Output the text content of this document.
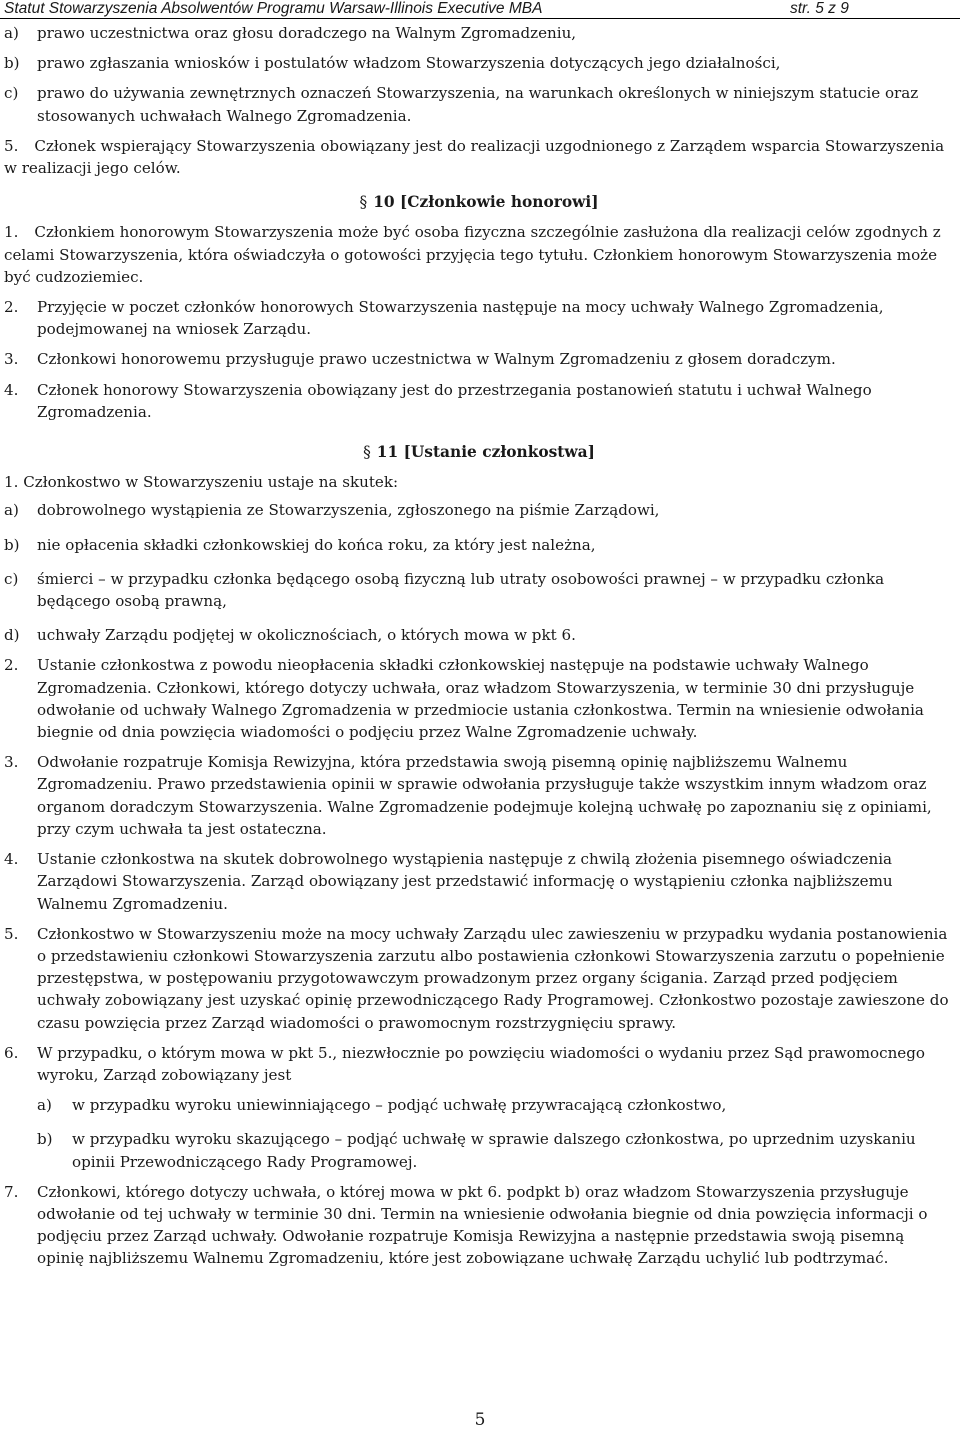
Statut Stowarzyszenia Absolwentów Programu Warsaw-Illinois Executive MBA	str. 5 z 9
a) prawo uczestnictwa oraz głosu doradczego na Walnym Zgromadzeniu,
b) prawo zgłaszania wniosków i postulatów władzom Stowarzyszenia dotyczących jego działalności,
c) prawo do używania zewnętrznych oznaczeń Stowarzyszenia, na warunkach określonych w niniejszym statucie oraz stosowanych uchwałach Walnego Zgromadzenia.
5. Członek wspierający Stowarzyszenia obowiązany jest do realizacji uzgodnionego z Zarządem wsparcia Stowarzyszenia w realizacji jego celów.
§ 10 [Członkowie honorowi]
1. Członkiem honorowym Stowarzyszenia może być osoba fizyczna szczególnie zasłużona dla realizacji celów zgodnych z celami Stowarzyszenia, która oświadczyła o gotowości przyjęcia tego tytułu. Członkiem honorowym Stowarzyszenia może być cudzoziemiec.
2. Przyjęcie w poczet członków honorowych Stowarzyszenia następuje na mocy uchwały Walnego Zgromadzenia, podejmowanej na wniosek Zarządu.
3. Członkowi honorowemu przysługuje prawo uczestnictwa w Walnym Zgromadzeniu z głosem doradczym.
4. Członek honorowy Stowarzyszenia obowiązany jest do przestrzegania postanowień statutu i uchwał Walnego Zgromadzenia.
§ 11 [Ustanie członkostwa]
1. Członkostwo w Stowarzyszeniu ustaje na skutek:
a) dobrowolnego wystąpienia ze Stowarzyszenia, zgłoszonego na piśmie Zarządowi,
b) nie opłacenia składki członkowskiej do końca roku, za który jest należna,
c) śmierci – w przypadku członka będącego osobą fizyczną lub utraty osobowości prawnej – w przypadku członka będącego osobą prawną,
d) uchwały Zarządu podjętej w okolicznościach, o których mowa w pkt 6.
2. Ustanie członkostwa z powodu nieopłacenia składki członkowskiej następuje na podstawie uchwały Walnego Zgromadzenia. Członkowi, którego dotyczy uchwała, oraz władzom Stowarzyszenia, w terminie 30 dni przysługuje odwołanie od uchwały Walnego Zgromadzenia w przedmiocie ustania członkostwa. Termin na wniesienie odwołania biegnie od dnia powzięcia wiadomości o podjęciu przez Walne Zgromadzenie uchwały.
3. Odwołanie rozpatruje Komisja Rewizyjna, która przedstawia swoją pisemną opinię najbliższemu Walnemu Zgromadzeniu. Prawo przedstawienia opinii w sprawie odwołania przysługuje także wszystkim innym władzom oraz organom doradczym Stowarzyszenia. Walne Zgromadzenie podejmuje kolejną uchwałę po zapoznaniu się z opiniami, przy czym uchwała ta jest ostateczna.
4. Ustanie członkostwa na skutek dobrowolnego wystąpienia następuje z chwilą złożenia pisemnego oświadczenia Zarządowi Stowarzyszenia. Zarząd obowiązany jest przedstawić informację o wystąpieniu członka najbliższemu Walnemu Zgromadzeniu.
5. Członkostwo w Stowarzyszeniu może na mocy uchwały Zarządu ulec zawieszeniu w przypadku wydania postanowienia o przedstawieniu członkowi Stowarzyszenia zarzutu albo postawienia członkowi Stowarzyszenia zarzutu o popełnienie przestępstwa, w postępowaniu przygotowawczym prowadzonym przez organy ścigania. Zarząd przed podjęciem uchwały zobowiązany jest uzyskać opinię przewodniczącego Rady Programowej. Członkostwo pozostaje zawieszone do czasu powzięcia przez Zarząd wiadomości o prawomocnym rozstrzygnięciu sprawy.
6. W przypadku, o którym mowa w pkt 5., niezwłocznie po powzięciu wiadomości o wydaniu przez Sąd prawomocnego wyroku, Zarząd zobowiązany jest
a) w przypadku wyroku uniewinniającego – podjąć uchwałę przywracającą członkostwo,
b) w przypadku wyroku skazującego – podjąć uchwałę w sprawie dalszego członkostwa, po uprzednim uzyskaniu opinii Przewodniczącego Rady Programowej.
7. Członkowi, którego dotyczy uchwała, o której mowa w pkt 6. podpkt b) oraz władzom Stowarzyszenia przysługuje odwołanie od tej uchwały w terminie 30 dni. Termin na wniesienie odwołania biegnie od dnia powzięcia informacji o podjęciu przez Zarząd uchwały. Odwołanie rozpatruje Komisja Rewizyjna a następnie przedstawia swoją pisemną opinię najbliższemu Walnemu Zgromadzeniu, które jest zobowiązane uchwałę Zarządu uchylić lub podtrzymać.
5
